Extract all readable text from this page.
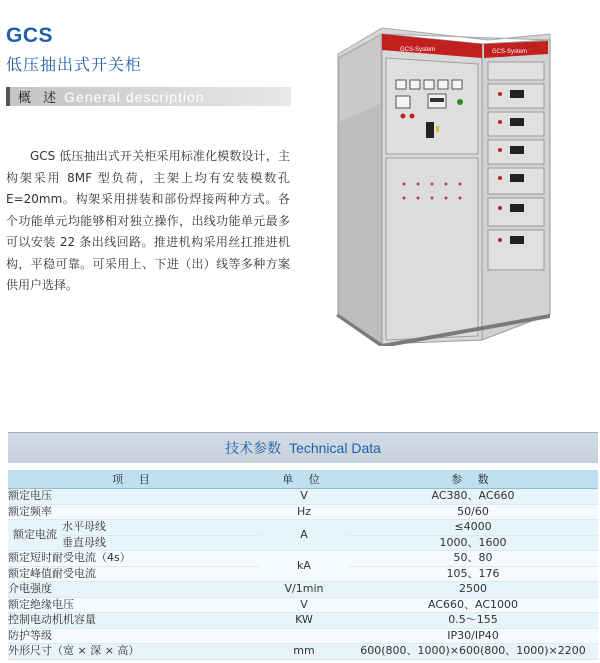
GCS
低压抽出式开关柜
概 述 General description
GCS 低压抽出式开关柜采用标准化模数设计，主构架采用 8MF 型负荷，主架上均有安装模数孔E=20mm。构架采用拼装和部份焊接两种方式。各个功能单元均能够相对独立操作，出线功能单元最多可以安装 22 条出线回路。推进机构采用丝扛推进机构，平稳可靠。可采用上、下进（出）线等多种方案供用户选择。
GCS-System	GCS-System
技术参数 Technical Data
项 目		单 位	参 数
额定电压		V	AC380、AC660
额定频率		Hz	50/60
额定电流	水平母线	A	≤4000
	垂直母线		1000、1600
额定短时耐受电流（4s）		kA	50、80
额定峰值耐受电流			105、176
介电强度		V/1min	2500
额定绝缘电压		V	AC660、AC1000
控制电动机机容量		KW	0.5～155
防护等级			IP30/IP40
外形尺寸（宽 × 深 × 高）		mm	600(800、1000)×600(800、1000)×2200
